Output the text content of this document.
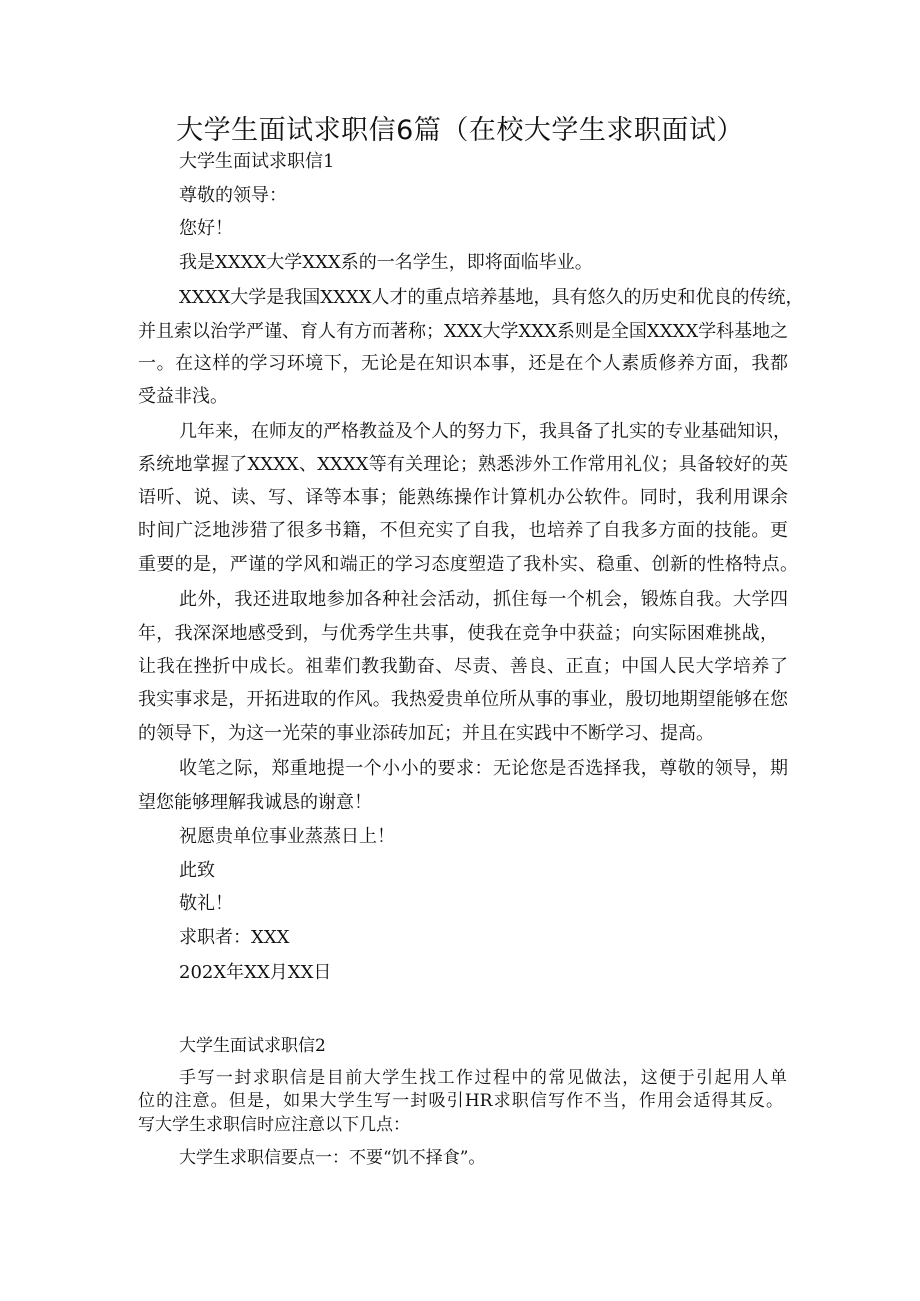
大学生面试求职信6篇（在校大学生求职面试）
大学生面试求职信1
尊敬的领导：
您好！
我是XXXX大学XXX系的一名学生，即将面临毕业。
XXXX大学是我国XXXX人才的重点培养基地，具有悠久的历史和优良的传统，
并且索以治学严谨、育人有方而著称；XXX大学XXX系则是全国XXXX学科基地之
一。在这样的学习环境下，无论是在知识本事，还是在个人素质修养方面，我都
受益非浅。
几年来，在师友的严格教益及个人的努力下，我具备了扎实的专业基础知识，
系统地掌握了XXXX、XXXX等有关理论；熟悉涉外工作常用礼仪；具备较好的英
语听、说、读、写、译等本事；能熟练操作计算机办公软件。同时，我利用课余
时间广泛地涉猎了很多书籍，不但充实了自我，也培养了自我多方面的技能。更
重要的是，严谨的学风和端正的学习态度塑造了我朴实、稳重、创新的性格特点。
此外，我还进取地参加各种社会活动，抓住每一个机会，锻炼自我。大学四
年，我深深地感受到，与优秀学生共事，使我在竞争中获益；向实际困难挑战，
让我在挫折中成长。祖辈们教我勤奋、尽责、善良、正直；中国人民大学培养了
我实事求是，开拓进取的作风。我热爱贵单位所从事的事业，殷切地期望能够在您
的领导下，为这一光荣的事业添砖加瓦；并且在实践中不断学习、提高。
收笔之际，郑重地提一个小小的要求：无论您是否选择我，尊敬的领导，期
望您能够理解我诚恳的谢意！
祝愿贵单位事业蒸蒸日上！
此致
敬礼！
求职者：XXX
202X年XX月XX日
大学生面试求职信2
手写一封求职信是目前大学生找工作过程中的常见做法，这便于引起用人单
位的注意。但是，如果大学生写一封吸引HR求职信写作不当，作用会适得其反。
写大学生求职信时应注意以下几点：
大学生求职信要点一：不要“饥不择食”。
